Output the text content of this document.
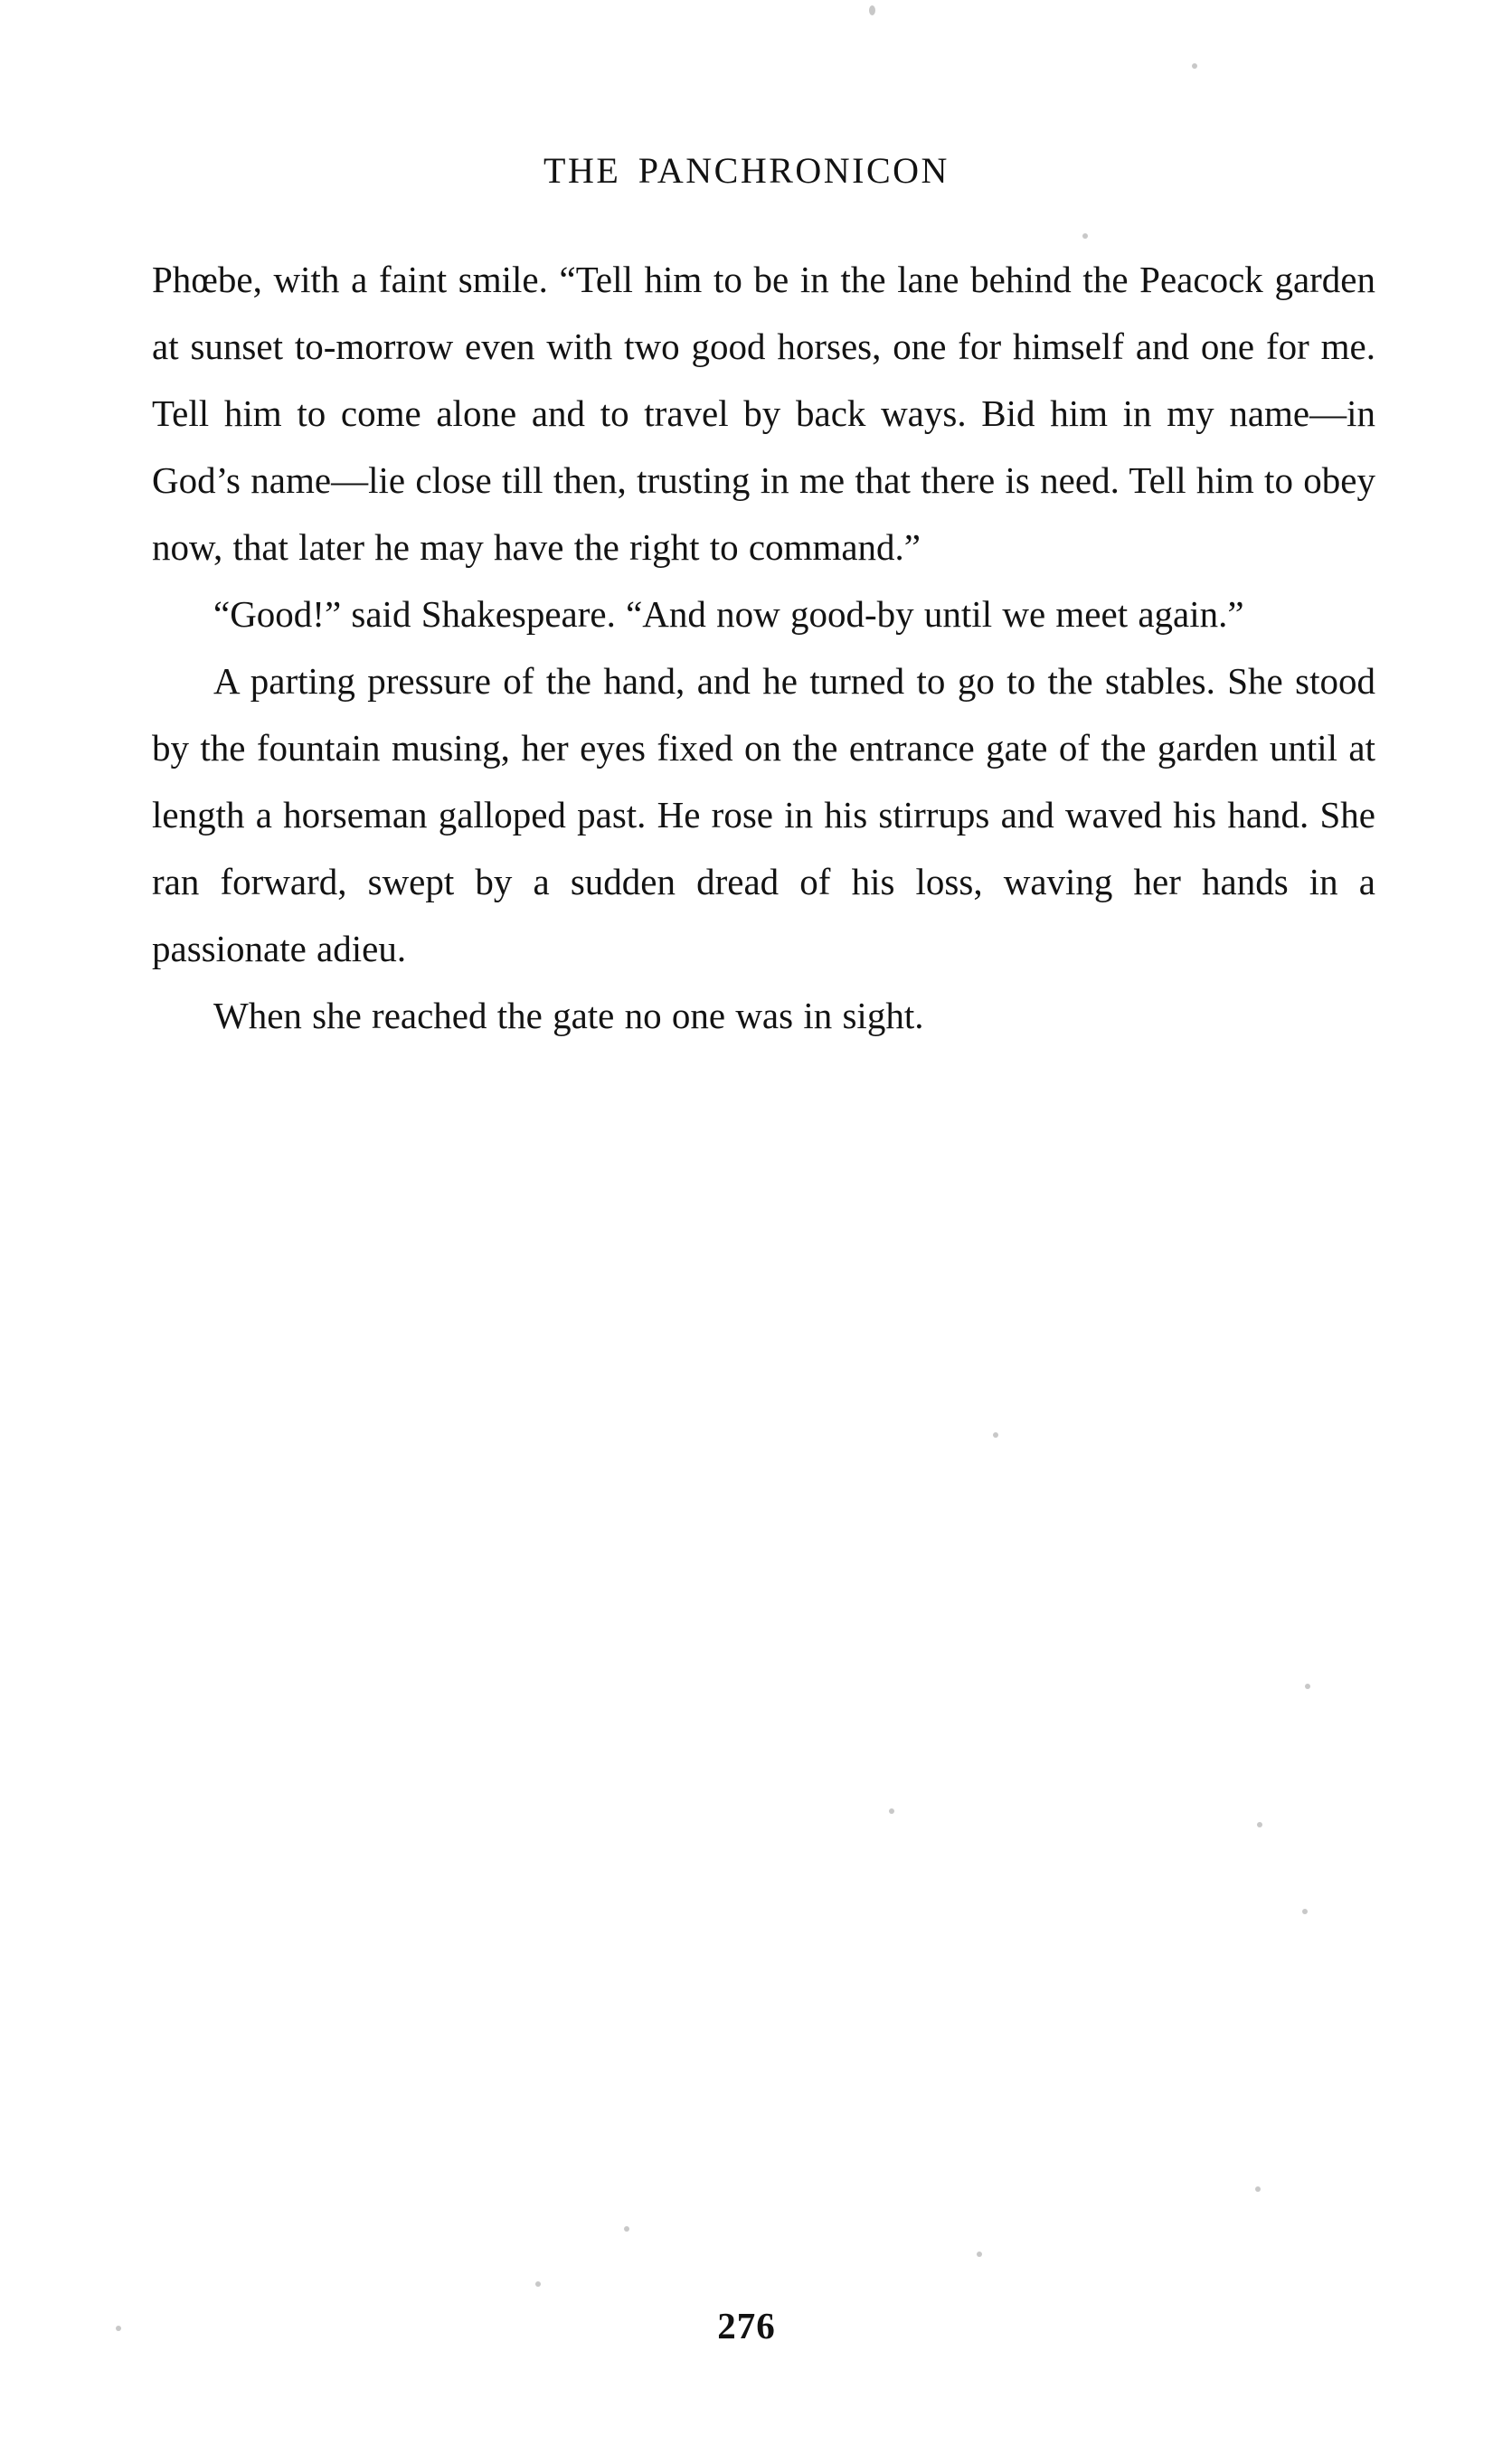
THE PANCHRONICON

Phœbe, with a faint smile. “Tell him to be in the lane behind the Peacock garden at sunset to-morrow even with two good horses, one for himself and one for me. Tell him to come alone and to travel by back ways. Bid him in my name—in God’s name—lie close till then, trusting in me that there is need. Tell him to obey now, that later he may have the right to command.”

“Good!” said Shakespeare. “And now good-by until we meet again.”

A parting pressure of the hand, and he turned to go to the stables. She stood by the fountain musing, her eyes fixed on the entrance gate of the garden until at length a horseman galloped past. He rose in his stirrups and waved his hand. She ran forward, swept by a sudden dread of his loss, waving her hands in a passionate adieu.

When she reached the gate no one was in sight.

276
